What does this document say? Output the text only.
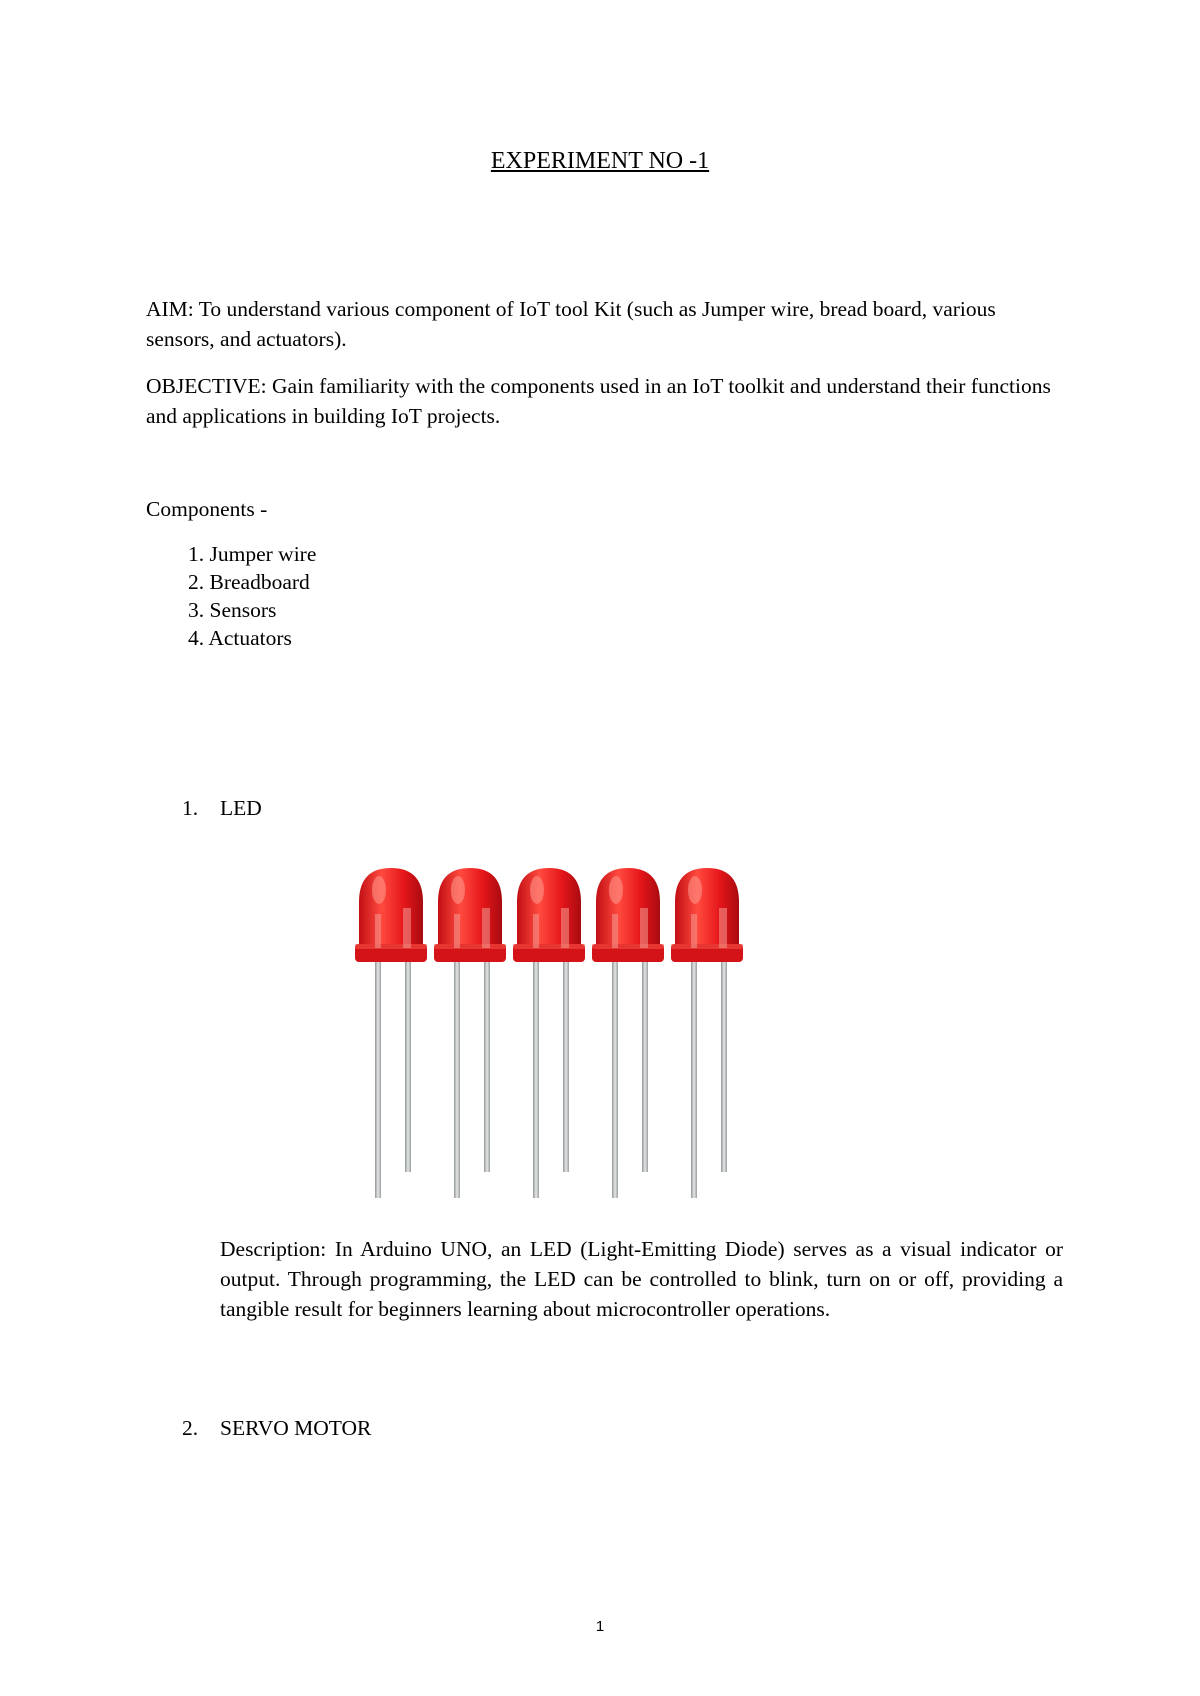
EXPERIMENT NO -1

AIM: To understand various component of IoT tool Kit (such as Jumper wire, bread board, various sensors, and actuators).

OBJECTIVE: Gain familiarity with the components used in an IoT toolkit and understand their functions and applications in building IoT projects.

Components -

1. Jumper wire
2. Breadboard
3. Sensors
4. Actuators
1. LED

Description: In Arduino UNO, an LED (Light-Emitting Diode) serves as a visual indicator or output. Through programming, the LED can be controlled to blink, turn on or off, providing a tangible result for beginners learning about microcontroller operations.

2. SERVO MOTOR
1
